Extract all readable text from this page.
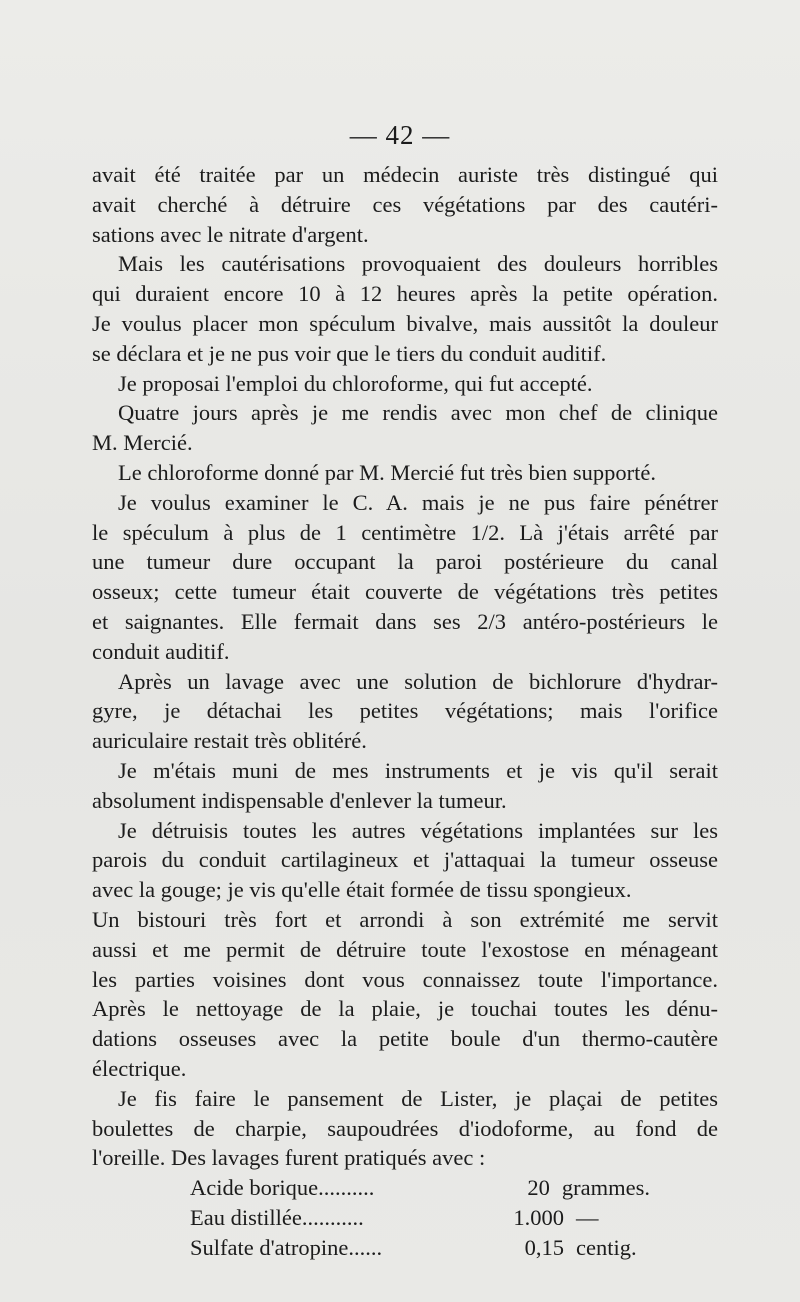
— 42 —
avait été traitée par un médecin auriste très distingué qui
avait cherché à détruire ces végétations par des cautéri-
sations avec le nitrate d'argent.
Mais les cautérisations provoquaient des douleurs horribles
qui duraient encore 10 à 12 heures après la petite opération.
Je voulus placer mon spéculum bivalve, mais aussitôt la douleur
se déclara et je ne pus voir que le tiers du conduit auditif.
Je proposai l'emploi du chloroforme, qui fut accepté.
Quatre jours après je me rendis avec mon chef de clinique
M. Mercié.
Le chloroforme donné par M. Mercié fut très bien supporté.
Je voulus examiner le C. A. mais je ne pus faire pénétrer
le spéculum à plus de 1 centimètre 1/2. Là j'étais arrêté par
une tumeur dure occupant la paroi postérieure du canal
osseux; cette tumeur était couverte de végétations très petites
et saignantes. Elle fermait dans ses 2/3 antéro-postérieurs le
conduit auditif.
Après un lavage avec une solution de bichlorure d'hydrar-
gyre, je détachai les petites végétations; mais l'orifice
auriculaire restait très oblitéré.
Je m'étais muni de mes instruments et je vis qu'il serait
absolument indispensable d'enlever la tumeur.
Je détruisis toutes les autres végétations implantées sur les
parois du conduit cartilagineux et j'attaquai la tumeur osseuse
avec la gouge; je vis qu'elle était formée de tissu spongieux.
Un bistouri très fort et arrondi à son extrémité me servit
aussi et me permit de détruire toute l'exostose en ménageant
les parties voisines dont vous connaissez toute l'importance.
Après le nettoyage de la plaie, je touchai toutes les dénu-
dations osseuses avec la petite boule d'un thermo-cautère
électrique.
Je fis faire le pansement de Lister, je plaçai de petites
boulettes de charpie, saupoudrées d'iodoforme, au fond de
l'oreille. Des lavages furent pratiqués avec :
Acide borique..........	20 grammes.
Eau distillée...........	1.000 —
Sulfate d'atropine......	0,15 centig.
